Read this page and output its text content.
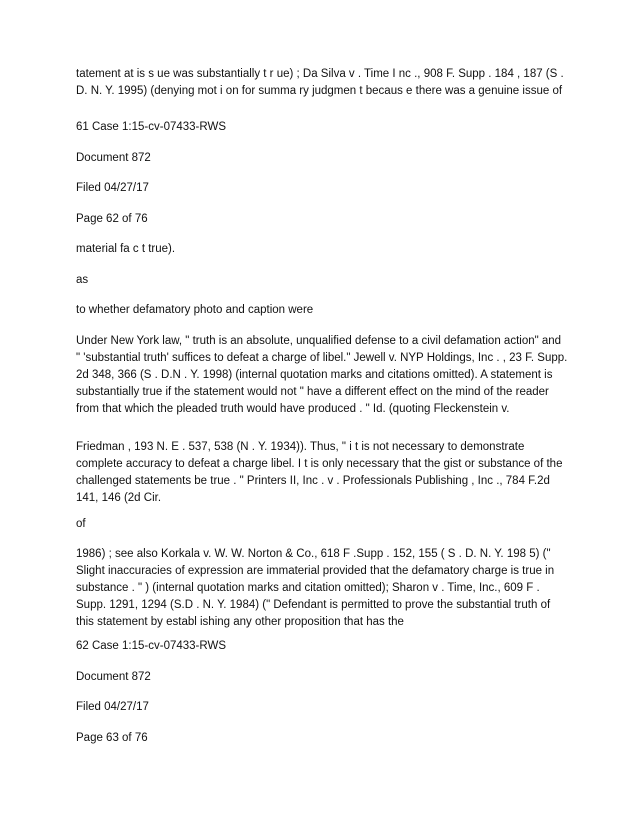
tatement at is s ue was substantially t r ue) ; Da Silva v . Time I nc ., 908 F. Supp . 184 , 187 (S . D. N. Y. 1995) (denying mot i on for summa ry judgmen t becaus e there was a genuine issue of

61 Case 1:15-cv-07433-RWS

Document 872

Filed 04/27/17

Page 62 of 76

material fa c t true).

as

to whether defamatory photo and caption were

Under New York law, " truth is an absolute, unqualified defense to a civil defamation action" and " 'substantial truth' suffices to defeat a charge of libel." Jewell v. NYP Holdings, Inc . , 23 F. Supp. 2d 348, 366 (S . D.N . Y. 1998) (internal quotation marks and citations omitted). A statement is substantially true if the statement would not " have a different effect on the mind of the reader from that which the pleaded truth would have produced . " Id. (quoting Fleckenstein v.

Friedman , 193 N. E . 537, 538 (N . Y. 1934)). Thus, " i t is not necessary to demonstrate complete accuracy to defeat a charge libel. I t is only necessary that the gist or substance of the challenged statements be true . " Printers II, Inc . v . Professionals Publishing , Inc ., 784 F.2d 141, 146 (2d Cir.

of

1986) ; see also Korkala v. W. W. Norton & Co., 618 F .Supp . 152, 155 ( S . D. N. Y. 198 5) (" Slight inaccuracies of expression are immaterial provided that the defamatory charge is true in substance . " ) (internal quotation marks and citation omitted); Sharon v . Time, Inc., 609 F . Supp. 1291, 1294 (S.D . N. Y. 1984) (" Defendant is permitted to prove the substantial truth of this statement by establ ishing any other proposition that has the

62 Case 1:15-cv-07433-RWS

Document 872

Filed 04/27/17

Page 63 of 76
